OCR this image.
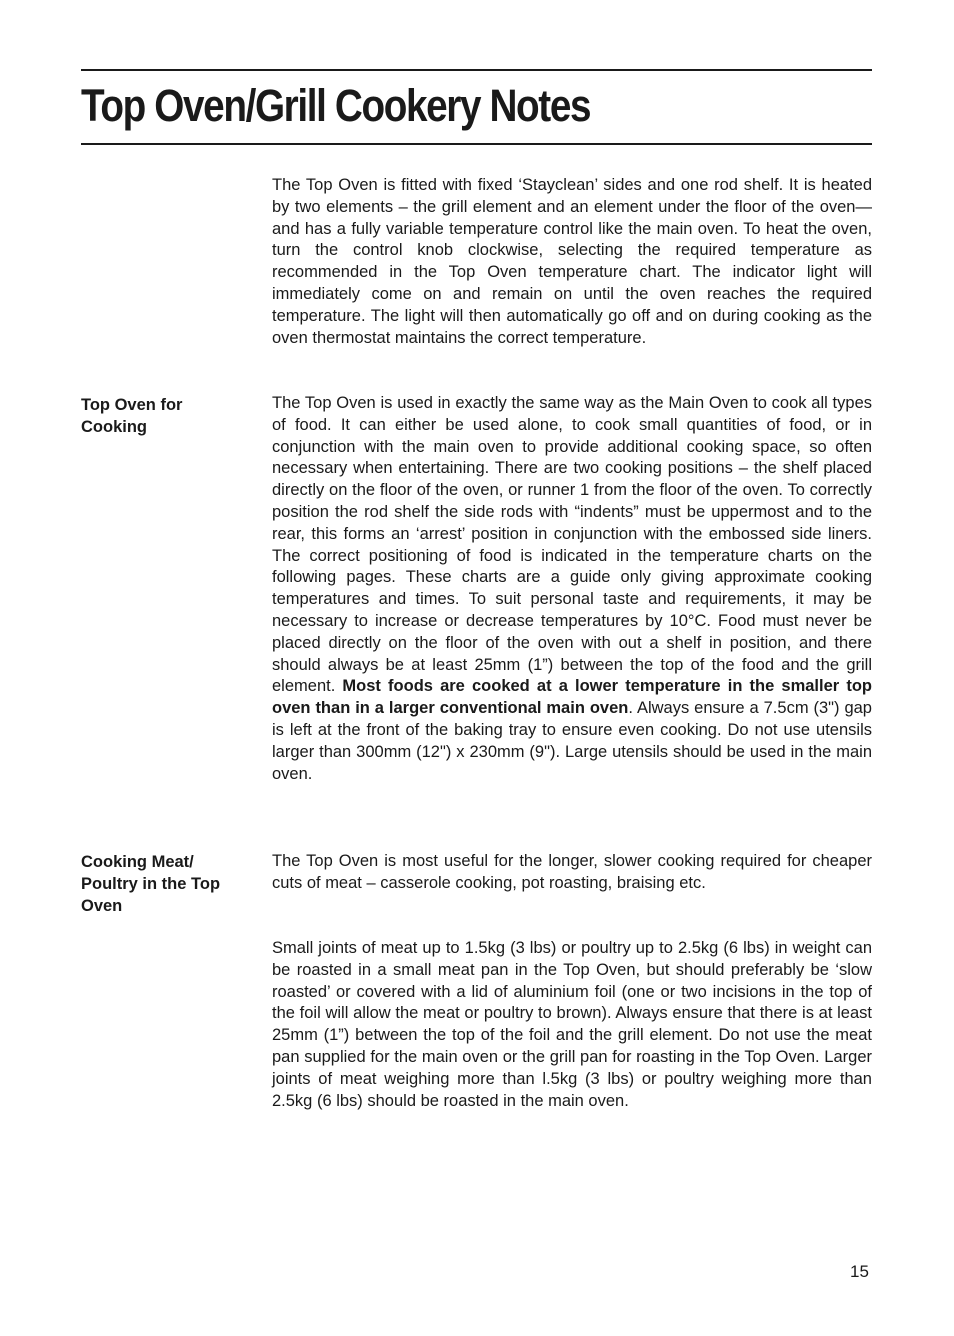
Top Oven/Grill Cookery Notes

The Top Oven is fitted with fixed ‘Stayclean’ sides and one rod shelf. It is heated by two elements – the grill element and an element under the floor of the oven—and has a fully variable temperature control like the main oven. To heat the oven, turn the control knob clockwise, selecting the required temperature as recommended in the Top Oven temperature chart. The indicator light will immediately come on and remain on until the oven reaches the required temperature. The light will then automatically go off and on during cooking as the oven thermostat maintains the correct temperature.

Top Oven for Cooking

The Top Oven is used in exactly the same way as the Main Oven to cook all types of food. It can either be used alone, to cook small quantities of food, or in conjunction with the main oven to provide additional cooking space, so often necessary when entertaining. There are two cooking positions – the shelf placed directly on the floor of the oven, or runner 1 from the floor of the oven. To correctly position the rod shelf the side rods with “indents” must be uppermost and to the rear, this forms an ‘arrest’ position in conjunction with the embossed side liners. The correct positioning of food is indicated in the temperature charts on the following pages. These charts are a guide only giving approximate cooking temperatures and times. To suit personal taste and requirements, it may be necessary to increase or decrease temperatures by 10°C. Food must never be placed directly on the floor of the oven with out a shelf in position, and there should always be at least 25mm (1”) between the top of the food and the grill element. Most foods are cooked at a lower temperature in the smaller top oven than in a larger conventional main oven. Always ensure a 7.5cm (3") gap is left at the front of the baking tray to ensure even cooking. Do not use utensils larger than 300mm (12") x 230mm (9"). Large utensils should be used in the main oven.

Cooking Meat/ Poultry in the Top Oven

The Top Oven is most useful for the longer, slower cooking required for cheaper cuts of meat – casserole cooking, pot roasting, braising etc.

Small joints of meat up to 1.5kg (3 lbs) or poultry up to 2.5kg (6 lbs) in weight can be roasted in a small meat pan in the Top Oven, but should preferably be ‘slow roasted’ or covered with a lid of aluminium foil (one or two incisions in the top of the foil will allow the meat or poultry to brown). Always ensure that there is at least 25mm (1”) between the top of the foil and the grill element. Do not use the meat pan supplied for the main oven or the grill pan for roasting in the Top Oven. Larger joints of meat weighing more than l.5kg (3 lbs) or poultry weighing more than 2.5kg (6 lbs) should be roasted in the main oven.

15
